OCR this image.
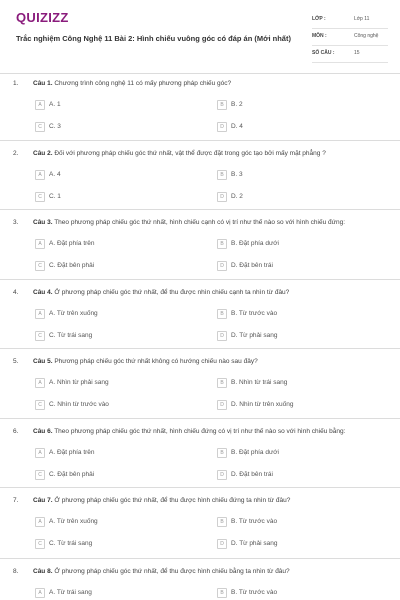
QUIZIZZ
Trắc nghiệm Công Nghệ 11 Bài 2: Hình chiếu vuông góc có đáp án (Mới nhất)
LỚP :	Lớp 11
MÔN :	Công nghệ
SỐ CÂU :	15
1. Câu 1. Chương trình công nghệ 11 có mấy phương pháp chiếu góc?
A	A. 1	B	B. 2
C	C. 3	D	D. 4
2. Câu 2. Đối với phương pháp chiếu góc thứ nhất, vật thể được đặt trong góc tạo bởi mấy mặt phẳng ?
A	A. 4	B	B. 3
C	C. 1	D	D. 2
3. Câu 3. Theo phương pháp chiếu góc thứ nhất, hình chiếu cạnh có vị trí như thế nào so với hình chiếu đứng:
A	A. Đặt phía trên	B	B. Đặt phía dưới
C	C. Đặt bên phải	D	D. Đặt bên trái
4. Câu 4. Ở phương pháp chiếu góc thứ nhất, để thu được nhìn chiếu cạnh ta nhìn từ đâu?
A	A. Từ trên xuống	B	B. Từ trước vào
C	C. Từ trái sang	D	D. Từ phải sang
5. Câu 5. Phương pháp chiếu góc thứ nhất không có hướng chiếu nào sau đây?
A	A. Nhìn từ phải sang	B	B. Nhìn từ trái sang
C	C. Nhìn từ trước vào	D	D. Nhìn từ trên xuống
6. Câu 6. Theo phương pháp chiếu góc thứ nhất, hình chiếu đứng có vị trí như thế nào so với hình chiếu bằng:
A	A. Đặt phía trên	B	B. Đặt phía dưới
C	C. Đặt bên phải	D	D. Đặt bên trái
7. Câu 7. Ở phương pháp chiếu góc thứ nhất, để thu được hình chiếu đứng ta nhìn từ đâu?
A	A. Từ trên xuống	B	B. Từ trước vào
C	C. Từ trái sang	D	D. Từ phải sang
8. Câu 8. Ở phương pháp chiếu góc thứ nhất, để thu được hình chiếu bằng ta nhìn từ đâu?
A	A. Từ trái sang	B	B. Từ trước vào
